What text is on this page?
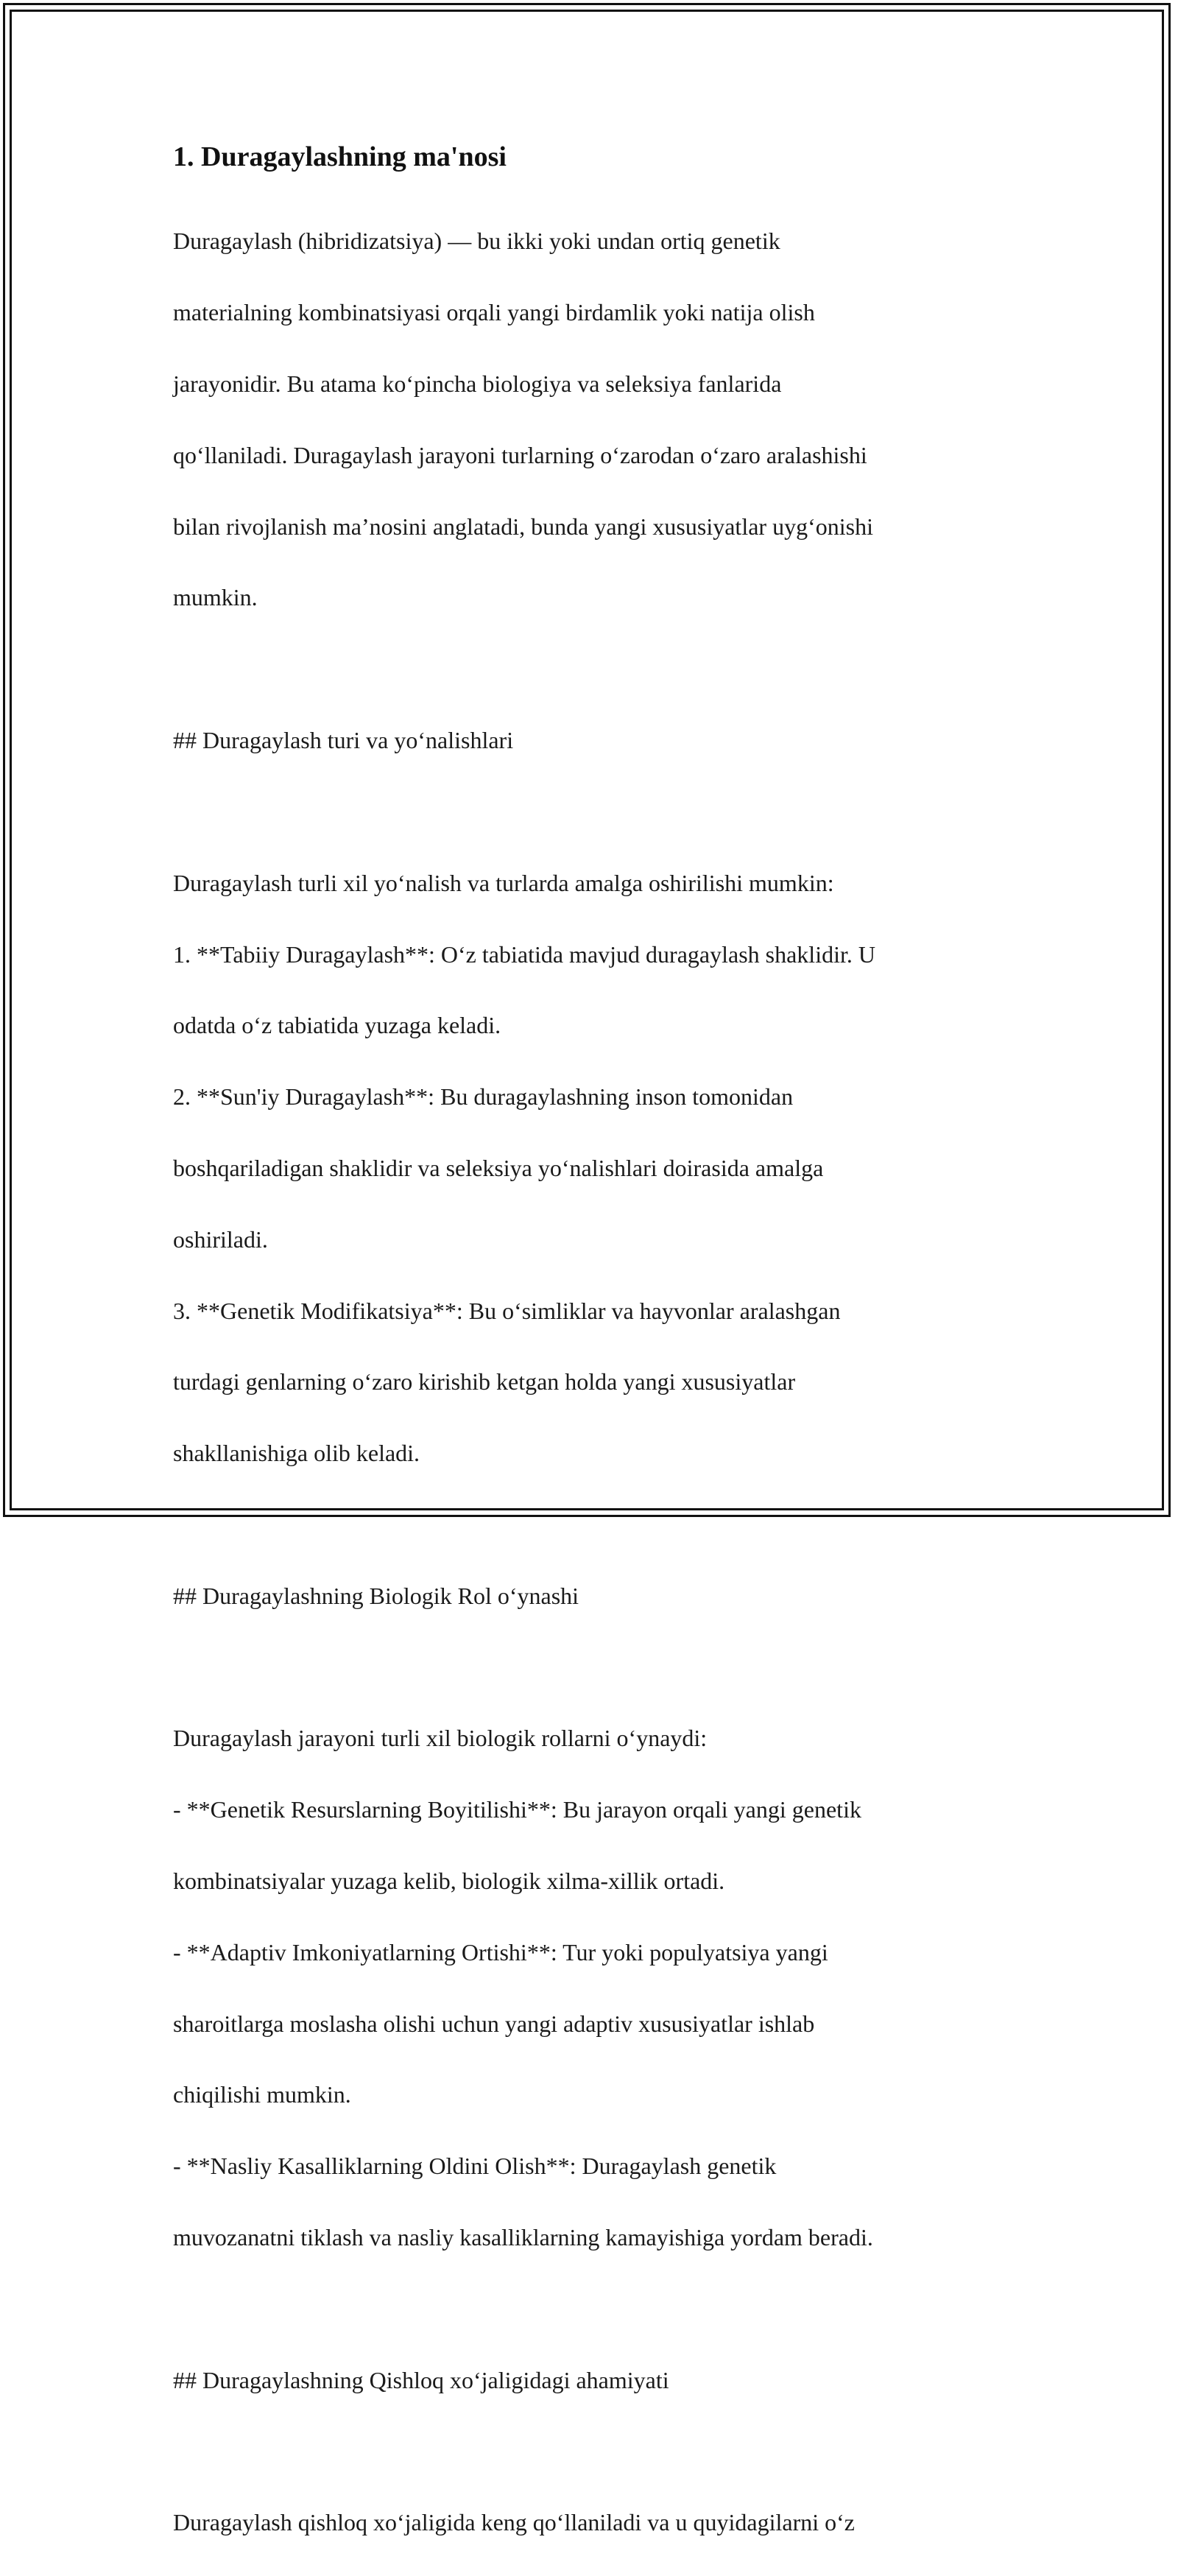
1. Duragaylashning ma'nosi

Duragaylash (hibridizatsiya) — bu ikki yoki undan ortiq genetik

materialning kombinatsiyasi orqali yangi birdamlik yoki natija olish

jarayonidir. Bu atama ko‘pincha biologiya va seleksiya fanlarida

qo‘llaniladi. Duragaylash jarayoni turlarning o‘zarodan o‘zaro aralashishi

bilan rivojlanish ma’nosini anglatadi, bunda yangi xususiyatlar uyg‘onishi

mumkin.

## Duragaylash turi va yo‘nalishlari

Duragaylash turli xil yo‘nalish va turlarda amalga oshirilishi mumkin:

1. **Tabiiy Duragaylash**: O‘z tabiatida mavjud duragaylash shaklidir. U

odatda o‘z tabiatida yuzaga keladi.

2. **Sun'iy Duragaylash**: Bu duragaylashning inson tomonidan

boshqariladigan shaklidir va seleksiya yo‘nalishlari doirasida amalga

oshiriladi.

3. **Genetik Modifikatsiya**: Bu o‘simliklar va hayvonlar aralashgan

turdagi genlarning o‘zaro kirishib ketgan holda yangi xususiyatlar

shakllanishiga olib keladi.

## Duragaylashning Biologik Rol o‘ynashi

Duragaylash jarayoni turli xil biologik rollarni o‘ynaydi:

- **Genetik Resurslarning Boyitilishi**: Bu jarayon orqali yangi genetik

kombinatsiyalar yuzaga kelib, biologik xilma-xillik ortadi.

- **Adaptiv Imkoniyatlarning Ortishi**: Tur yoki populyatsiya yangi

sharoitlarga moslasha olishi uchun yangi adaptiv xususiyatlar ishlab

chiqilishi mumkin.

- **Nasliy Kasalliklarning Oldini Olish**: Duragaylash genetik

muvozanatni tiklash va nasliy kasalliklarning kamayishiga yordam beradi.

## Duragaylashning Qishloq xo‘jaligidagi ahamiyati

Duragaylash qishloq xo‘jaligida keng qo‘llaniladi va u quyidagilarni o‘z
